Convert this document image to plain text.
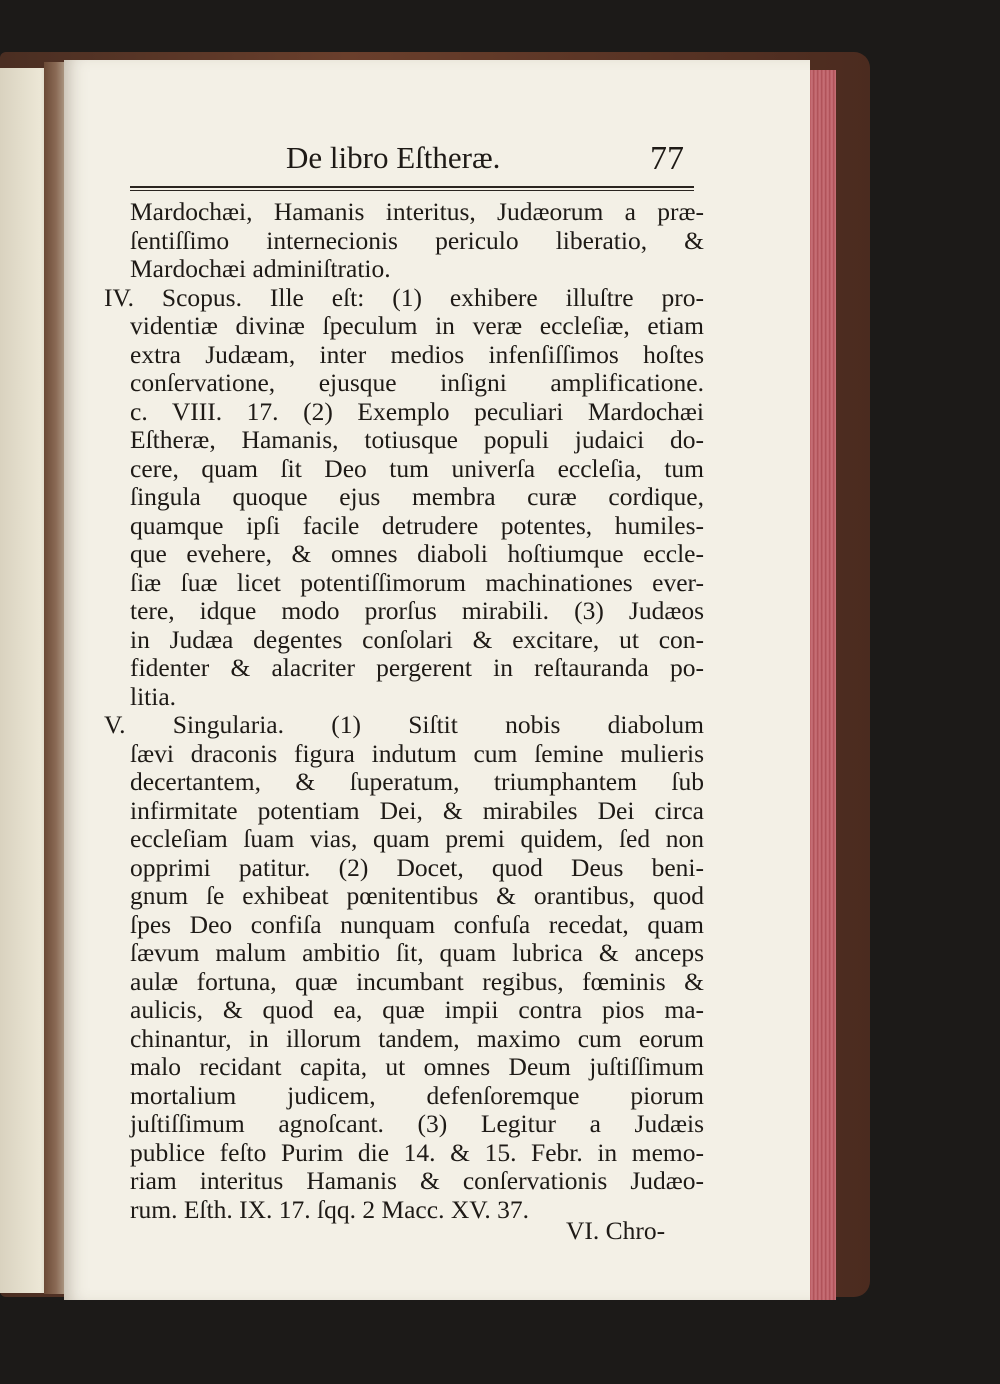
De libro Eſtheræ.	77
Mardochæi, Hamanis interitus, Judæorum a præ-
ſentiſſimo internecionis periculo liberatio, &
Mardochæi adminiſtratio.
IV. Scopus. Ille eſt: (1) exhibere illuſtre pro-
videntiæ divinæ ſpeculum in veræ eccleſiæ, etiam
extra Judæam, inter medios infenſiſſimos hoſtes
conſervatione, ejusque inſigni amplificatione.
c. VIII. 17. (2) Exemplo peculiari Mardochæi
Eſtheræ, Hamanis, totiusque populi judaici do-
cere, quam ſit Deo tum univerſa eccleſia, tum
ſingula quoque ejus membra curæ cordique,
quamque ipſi facile detrudere potentes, humiles-
que evehere, & omnes diaboli hoſtiumque eccle-
ſiæ ſuæ licet potentiſſimorum machinationes ever-
tere, idque modo prorſus mirabili. (3) Judæos
in Judæa degentes conſolari & excitare, ut con-
fidenter & alacriter pergerent in reſtauranda po-
litia.
V. Singularia. (1) Siſtit nobis diabolum
ſævi draconis figura indutum cum ſemine mulieris
decertantem, & ſuperatum, triumphantem ſub
infirmitate potentiam Dei, & mirabiles Dei circa
eccleſiam ſuam vias, quam premi quidem, ſed non
opprimi patitur. (2) Docet, quod Deus beni-
gnum ſe exhibeat pœnitentibus & orantibus, quod
ſpes Deo confiſa nunquam confuſa recedat, quam
ſævum malum ambitio ſit, quam lubrica & anceps
aulæ fortuna, quæ incumbant regibus, fœminis &
aulicis, & quod ea, quæ impii contra pios ma-
chinantur, in illorum tandem, maximo cum eorum
malo recidant capita, ut omnes Deum juſtiſſimum
mortalium judicem, defenſoremque piorum
juſtiſſimum agnoſcant. (3) Legitur a Judæis
publice feſto Purim die 14. & 15. Febr. in memo-
riam interitus Hamanis & conſervationis Judæo-
rum. Eſth. IX. 17. ſqq. 2 Macc. XV. 37.
VI. Chro-
